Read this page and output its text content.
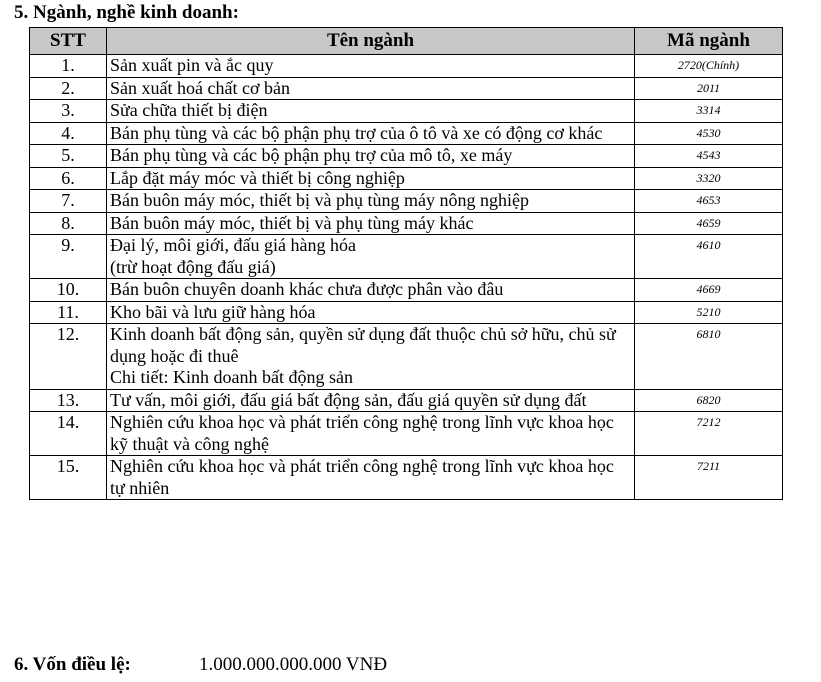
5. Ngành, nghề kinh doanh:
STT	Tên ngành	Mã ngành
1.	Sản xuất pin và ắc quy	2720(Chính)
2.	Sản xuất hoá chất cơ bản	2011
3.	Sửa chữa thiết bị điện	3314
4.	Bán phụ tùng và các bộ phận phụ trợ của ô tô và xe có động cơ khác	4530
5.	Bán phụ tùng và các bộ phận phụ trợ của mô tô, xe máy	4543
6.	Lắp đặt máy móc và thiết bị công nghiệp	3320
7.	Bán buôn máy móc, thiết bị và phụ tùng máy nông nghiệp	4653
8.	Bán buôn máy móc, thiết bị và phụ tùng máy khác	4659
9.	Đại lý, môi giới, đấu giá hàng hóa
(trừ hoạt động đấu giá)	4610
10.	Bán buôn chuyên doanh khác chưa được phân vào đâu	4669
11.	Kho bãi và lưu giữ hàng hóa	5210
12.	Kinh doanh bất động sản, quyền sử dụng đất thuộc chủ sở hữu, chủ sử dụng hoặc đi thuê
Chi tiết: Kinh doanh bất động sản	6810
13.	Tư vấn, môi giới, đấu giá bất động sản, đấu giá quyền sử dụng đất	6820
14.	Nghiên cứu khoa học và phát triển công nghệ trong lĩnh vực khoa học kỹ thuật và công nghệ	7212
15.	Nghiên cứu khoa học và phát triển công nghệ trong lĩnh vực khoa học tự nhiên	7211
6. Vốn điều lệ:	1.000.000.000.000 VNĐ
